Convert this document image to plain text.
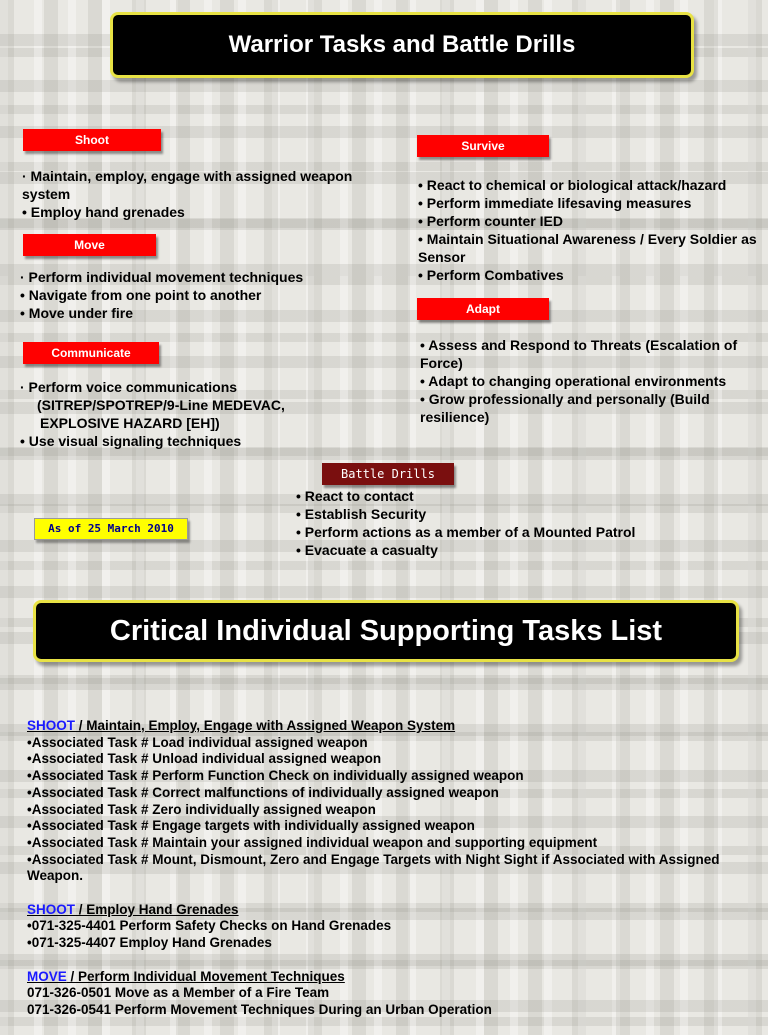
Warrior Tasks and Battle Drills
Shoot
· Maintain, employ, engage with assigned weapon system
• Employ hand grenades
Move
· Perform individual movement techniques
• Navigate from one point to another
• Move under fire
Communicate
· Perform voice communications
(SITREP/SPOTREP/9-Line MEDEVAC,
EXPLOSIVE HAZARD [EH])
• Use visual signaling techniques
Survive
• React to chemical or biological attack/hazard
• Perform immediate lifesaving measures
• Perform counter IED
• Maintain Situational Awareness / Every Soldier as Sensor
• Perform Combatives
Adapt
• Assess and Respond to Threats (Escalation of Force)
• Adapt to changing operational environments
• Grow professionally and personally (Build resilience)
Battle Drills
• React to contact
• Establish Security
• Perform actions as a member of a Mounted Patrol
• Evacuate a casualty
As of 25 March 2010
Critical Individual Supporting Tasks List
SHOOT / Maintain, Employ, Engage with Assigned Weapon System
•Associated Task # Load individual assigned weapon
•Associated Task # Unload individual assigned weapon
•Associated Task # Perform Function Check on individually assigned weapon
•Associated Task # Correct malfunctions of individually assigned weapon
•Associated Task # Zero individually assigned weapon
•Associated Task # Engage targets with individually assigned weapon
•Associated Task # Maintain your assigned individual weapon and supporting equipment
•Associated Task # Mount, Dismount, Zero and Engage Targets with Night Sight if Associated with Assigned Weapon.
SHOOT / Employ Hand Grenades
•071-325-4401 Perform Safety Checks on Hand Grenades
•071-325-4407 Employ Hand Grenades
MOVE / Perform Individual Movement Techniques
071-326-0501 Move as a Member of a Fire Team
071-326-0541 Perform Movement Techniques During an Urban Operation
